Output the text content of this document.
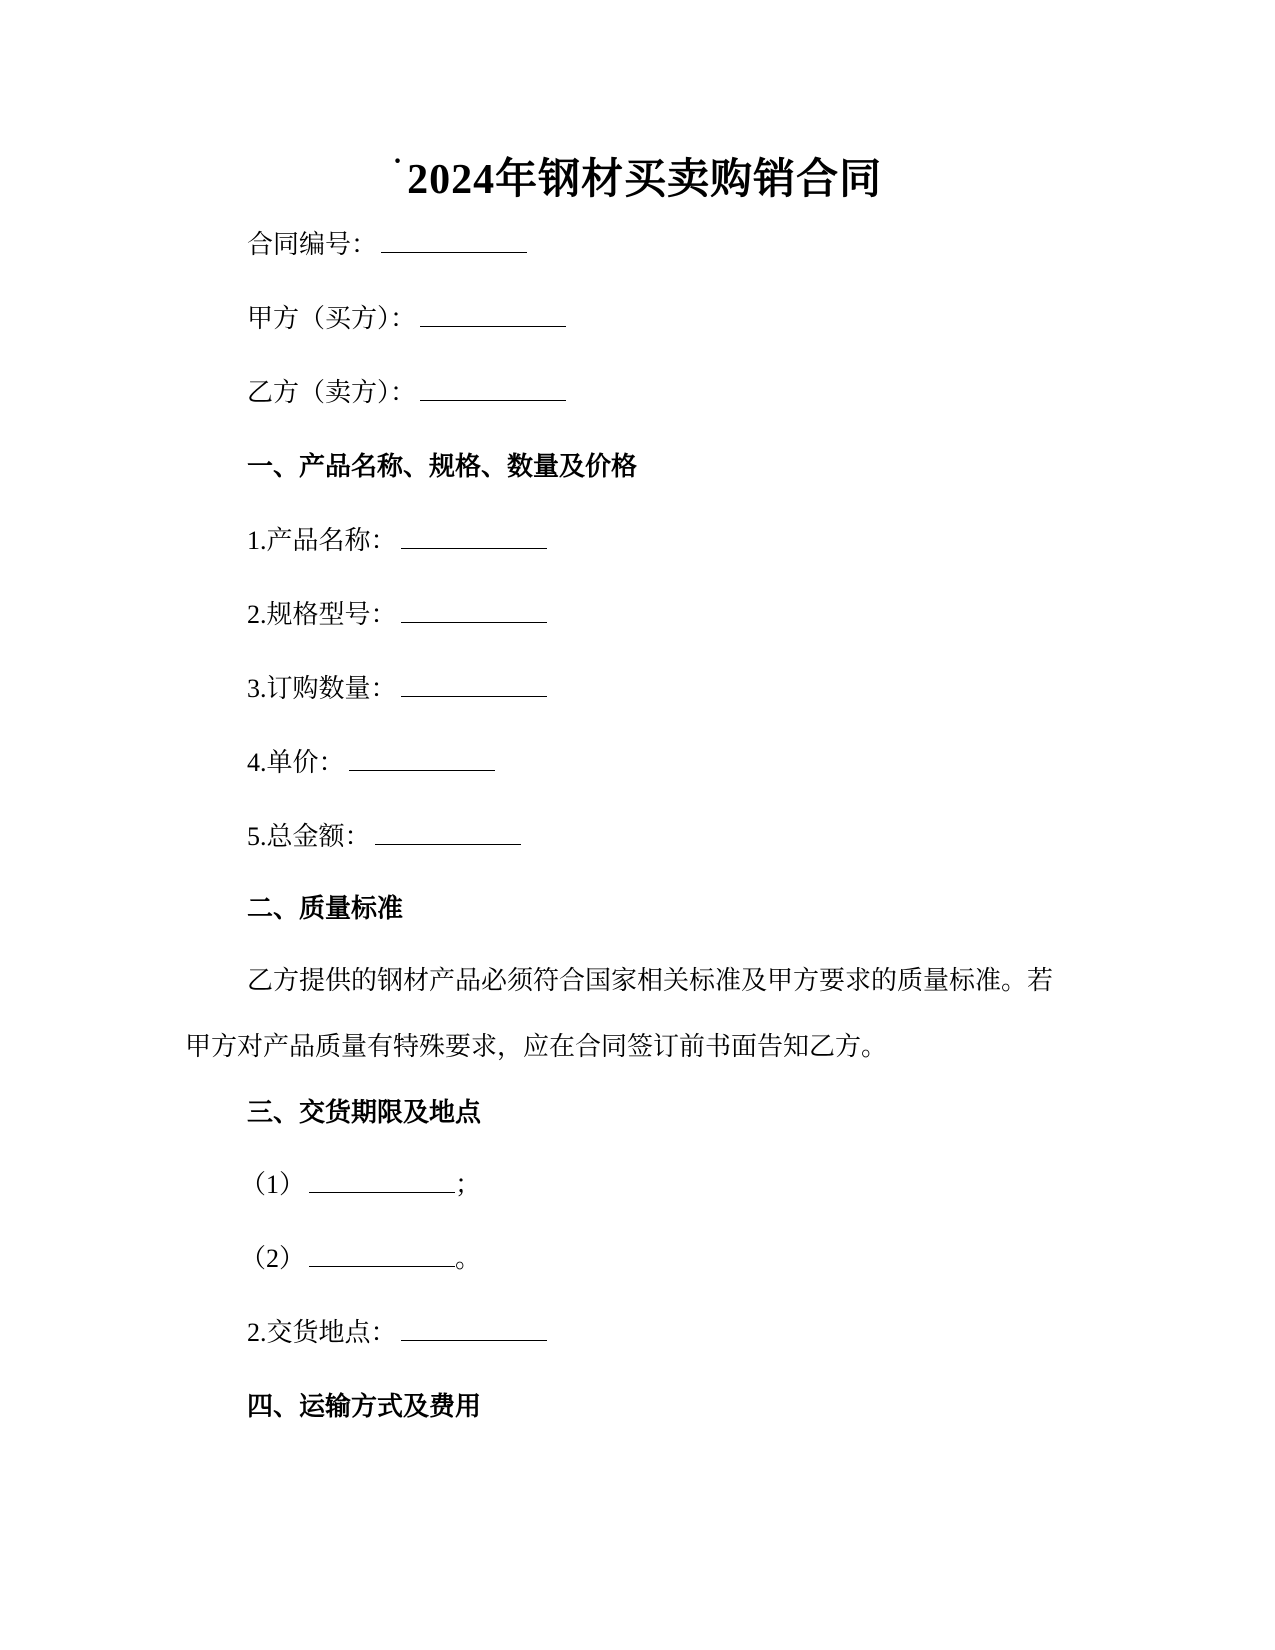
·2024年钢材买卖购销合同
合同编号：
甲方（买方）：
乙方（卖方）：
一、产品名称、规格、数量及价格
1.产品名称：
2.规格型号：
3.订购数量：
4.单价：
5.总金额：
二、质量标准
乙方提供的钢材产品必须符合国家相关标准及甲方要求的质量标准。若甲方对产品质量有特殊要求，应在合同签订前书面告知乙方。
三、交货期限及地点
（1）	；
（2）	。
2.交货地点：
四、运输方式及费用
